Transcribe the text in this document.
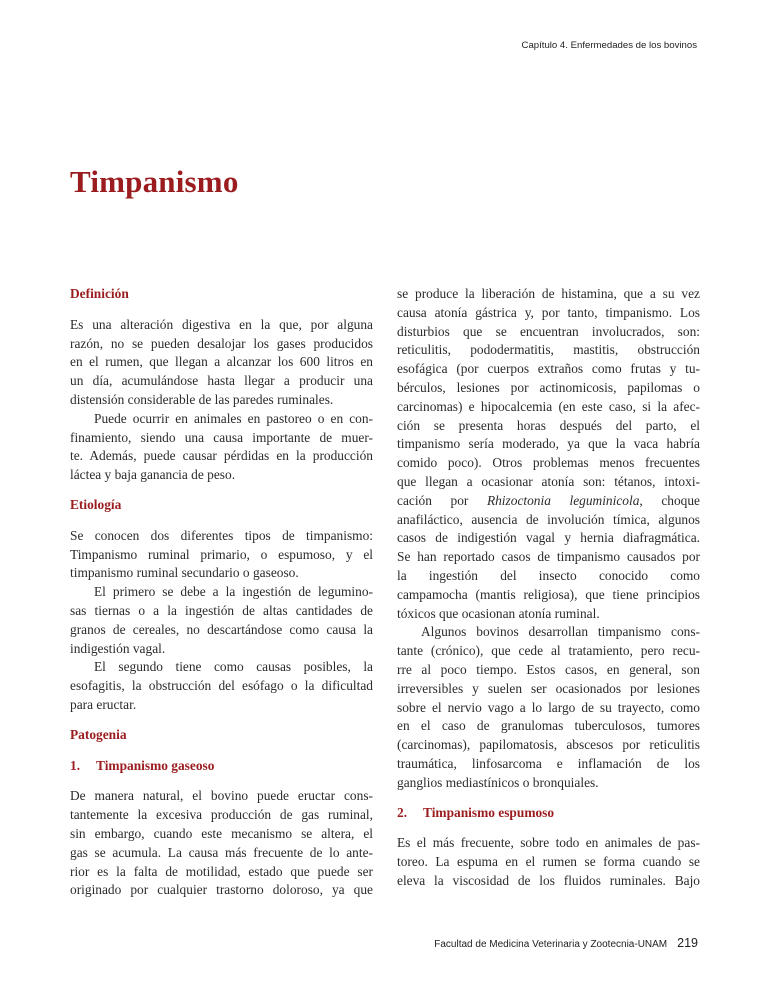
Capítulo 4. Enfermedades de los bovinos
Timpanismo
Definición
Es una alteración digestiva en la que, por alguna
razón, no se pueden desalojar los gases producidos
en el rumen, que llegan a alcanzar los 600 litros en
un día, acumulándose hasta llegar a producir una
distensión considerable de las paredes ruminales.
Puede ocurrir en animales en pastoreo o en con-
finamiento, siendo una causa importante de muer-
te. Además, puede causar pérdidas en la producción
láctea y baja ganancia de peso.
Etiología
Se conocen dos diferentes tipos de timpanismo:
Timpanismo ruminal primario, o espumoso, y el
timpanismo ruminal secundario o gaseoso.
El primero se debe a la ingestión de legumino-
sas tiernas o a la ingestión de altas cantidades de
granos de cereales, no descartándose como causa la
indigestión vagal.
El segundo tiene como causas posibles, la
esofagitis, la obstrucción del esófago o la dificultad
para eructar.
Patogenia
1. Timpanismo gaseoso
De manera natural, el bovino puede eructar cons-
tantemente la excesiva producción de gas ruminal,
sin embargo, cuando este mecanismo se altera, el
gas se acumula. La causa más frecuente de lo ante-
rior es la falta de motilidad, estado que puede ser
originado por cualquier trastorno doloroso, ya que
se produce la liberación de histamina, que a su vez
causa atonía gástrica y, por tanto, timpanismo. Los
disturbios que se encuentran involucrados, son:
reticulitis, pododermatitis, mastitis, obstrucción
esofágica (por cuerpos extraños como frutas y tu-
bérculos, lesiones por actinomicosis, papilomas o
carcinomas) e hipocalcemia (en este caso, si la afec-
ción se presenta horas después del parto, el
timpanismo sería moderado, ya que la vaca habría
comido poco). Otros problemas menos frecuentes
que llegan a ocasionar atonía son: tétanos, intoxi-
cación por Rhizoctonia leguminicola, choque
anafiláctico, ausencia de involución tímica, algunos
casos de indigestión vagal y hernia diafragmática.
Se han reportado casos de timpanismo causados por
la ingestión del insecto conocido como
campamocha (mantis religiosa), que tiene principios
tóxicos que ocasionan atonía ruminal.
Algunos bovinos desarrollan timpanismo cons-
tante (crónico), que cede al tratamiento, pero recu-
rre al poco tiempo. Estos casos, en general, son
irreversibles y suelen ser ocasionados por lesiones
sobre el nervio vago a lo largo de su trayecto, como
en el caso de granulomas tuberculosos, tumores
(carcinomas), papilomatosis, abscesos por reticulitis
traumática, linfosarcoma e inflamación de los
ganglios mediastínicos o bronquiales.
2. Timpanismo espumoso
Es el más frecuente, sobre todo en animales de pas-
toreo. La espuma en el rumen se forma cuando se
eleva la viscosidad de los fluidos ruminales. Bajo
Facultad de Medicina Veterinaria y Zootecnia-UNAM 219
